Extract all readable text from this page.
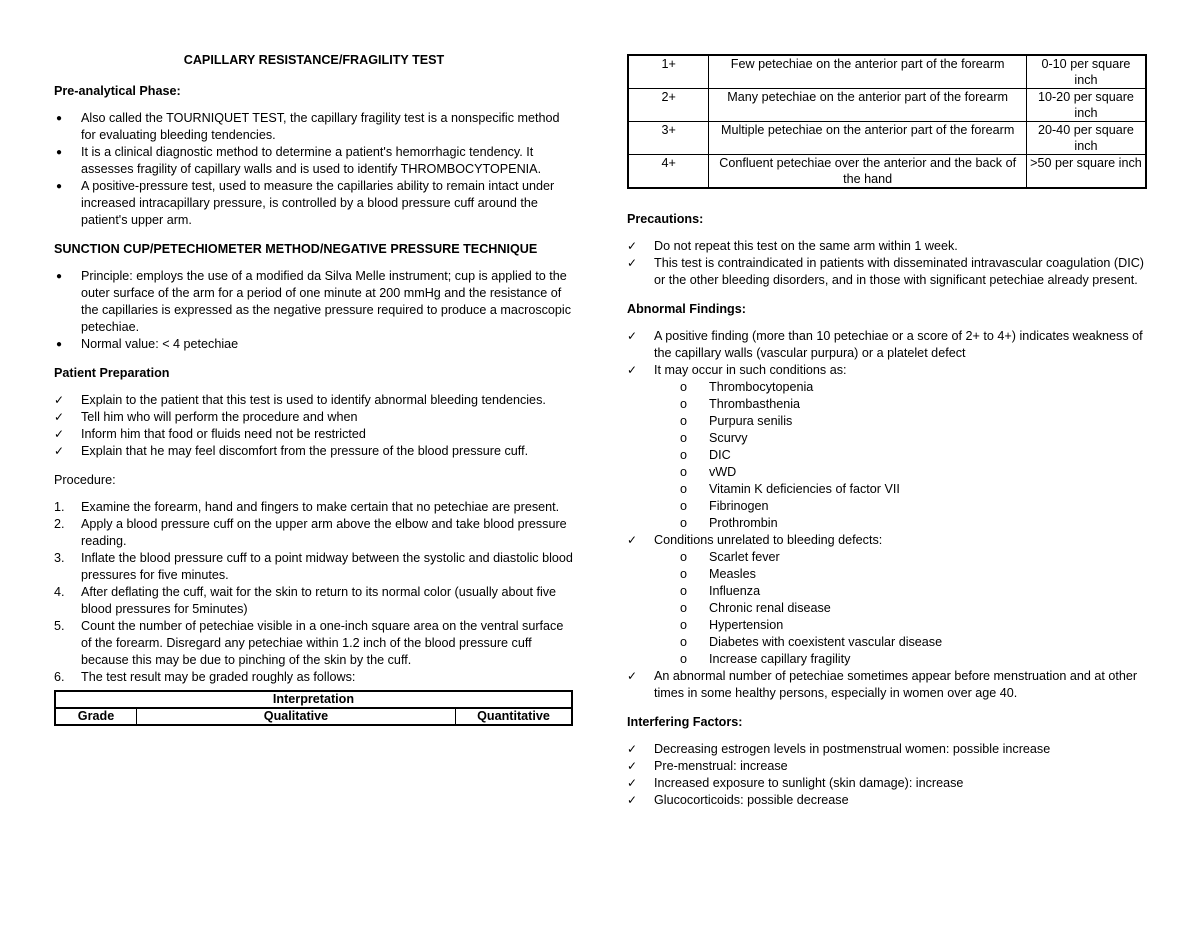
CAPILLARY RESISTANCE/FRAGILITY TEST
Pre-analytical Phase:
●	Also called the TOURNIQUET TEST, the capillary fragility test is a nonspecific method for evaluating bleeding tendencies.
●	It is a clinical diagnostic method to determine a patient's hemorrhagic tendency. It assesses fragility of capillary walls and is used to identify THROMBOCYTOPENIA.
●	A positive-pressure test, used to measure the capillaries ability to remain intact under increased intracapillary pressure, is controlled by a blood pressure cuff around the patient's upper arm.
SUNCTION CUP/PETECHIOMETER METHOD/NEGATIVE PRESSURE TECHNIQUE
●	Principle: employs the use of a modified da Silva Melle instrument; cup is applied to the outer surface of the arm for a period of one minute at 200 mmHg and the resistance of the capillaries is expressed as the negative pressure required to produce a macroscopic petechiae.
●	Normal value: < 4 petechiae
Patient Preparation
✓	Explain to the patient that this test is used to identify abnormal bleeding tendencies.
✓	Tell him who will perform the procedure and when
✓	Inform him that food or fluids need not be restricted
✓	Explain that he may feel discomfort from the pressure of the blood pressure cuff.
Procedure:
1.	Examine the forearm, hand and fingers to make certain that no petechiae are present.
2.	Apply a blood pressure cuff on the upper arm above the elbow and take blood pressure reading.
3.	Inflate the blood pressure cuff to a point midway between the systolic and diastolic blood pressures for five minutes.
4.	After deflating the cuff, wait for the skin to return to its normal color (usually about five blood pressures for 5minutes)
5.	Count the number of petechiae visible in a one-inch square area on the ventral surface of the forearm. Disregard any petechiae within 1.2 inch of the blood pressure cuff because this may be due to pinching of the skin by the cuff.
6.	The test result may be graded roughly as follows:
Interpretation
Grade	Qualitative	Quantitative
1+	Few petechiae on the anterior part of the forearm	0-10 per square inch
2+	Many petechiae on the anterior part of the forearm	10-20 per square inch
3+	Multiple petechiae on the anterior part of the forearm	20-40 per square inch
4+	Confluent petechiae over the anterior and the back of the hand	>50 per square inch
Precautions:
✓	Do not repeat this test on the same arm within 1 week.
✓	This test is contraindicated in patients with disseminated intravascular coagulation (DIC) or the other bleeding disorders, and in those with significant petechiae already present.
Abnormal Findings:
✓	A positive finding (more than 10 petechiae or a score of 2+ to 4+) indicates weakness of the capillary walls (vascular purpura) or a platelet defect
✓	It may occur in such conditions as:
o Thrombocytopenia
o Thrombasthenia
o Purpura senilis
o Scurvy
o DIC
o vWD
o Vitamin K deficiencies of factor VII
o Fibrinogen
o Prothrombin
✓	Conditions unrelated to bleeding defects:
o Scarlet fever
o Measles
o Influenza
o Chronic renal disease
o Hypertension
o Diabetes with coexistent vascular disease
o Increase capillary fragility
✓	An abnormal number of petechiae sometimes appear before menstruation and at other times in some healthy persons, especially in women over age 40.
Interfering Factors:
✓	Decreasing estrogen levels in postmenstrual women: possible increase
✓	Pre-menstrual: increase
✓	Increased exposure to sunlight (skin damage): increase
✓	Glucocorticoids: possible decrease
